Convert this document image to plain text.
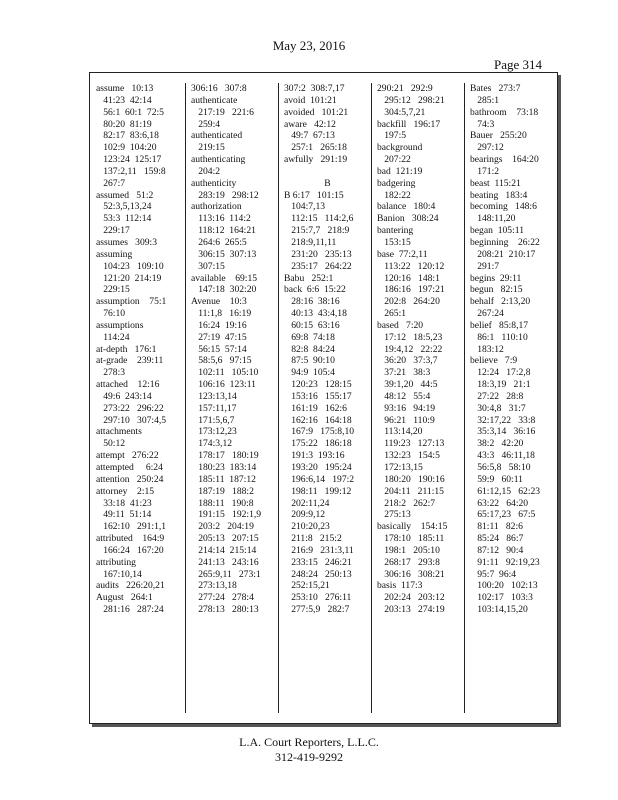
May 23, 2016
Page 314
assume   10:13
41:23  42:14
56:1  60:1  72:5
80:20  81:19
82:17  83:6,18
102:9  104:20
123:24  125:17
137:2,11   159:8
267:7
assumed   51:2
52:3,5,13,24
53:3  112:14
229:17
assumes   309:3
assuming
104:23   109:10
121:20  214:19
229:15
assumption    75:1
76:10
assumptions
114:24
at-depth   176:1
at-grade    239:11
278:3
attached    12:16
49:6  243:14
273:22   296:22
297:10   307:4,5
attachments
50:12
attempt   276:22
attempted     6:24
attention   250:24
attorney    2:15
33:18  41:23
49:11  51:14
162:10   291:1,1
attributed    164:9
166:24   167:20
attributing
167:10,14
audits   226:20,21
August   264:1
281:16   287:24
306:16   307:8
authenticate
217:19   221:6
259:4
authenticated
219:15
authenticating
204:2
authenticity
283:19   298:12
authorization
113:16  114:2
118:12  164:21
264:6  265:5
306:15  307:13
307:15
available    69:15
147:18  302:20
Avenue    10:3
11:1,8   16:19
16:24  19:16
27:19  47:15
56:15  57:14
58:5,6   97:15
102:11   105:10
106:16  123:11
123:13,14
157:11,17
171:5,6,7
173:12,23
174:3,12
178:17   180:19
180:23  183:14
185:11  187:12
187:19   188:2
188:11   190:8
191:15   192:1,9
203:2   204:19
205:13   207:15
214:14  215:14
241:13   243:16
265:9,11   273:1
273:13,18
277:24   278:4
278:13   280:13
307:2  308:7,17
avoid  101:21
avoided   101:21
aware   42:12
49:7  67:13
257:1   265:18
awfully   291:19
B
B 6:17   101:15
104:7,13
112:15   114:2,6
215:7,7   218:9
218:9,11,11
231:20   235:13
235:17   264:22
Babu   252:1
back  6:6  15:22
28:16  38:16
40:13  43:4,18
60:15  63:16
69:8  74:18
82:8  84:24
87:5  90:10
94:9  105:4
120:23   128:15
153:16   155:17
161:19   162:6
162:16   164:18
167:9   175:8,10
175:22   186:18
191:3  193:16
193:20   195:24
196:6,14   197:2
198:11   199:12
202:11,24
209:9,12
210:20,23
211:8   215:2
216:9   231:3,11
233:15   246:21
248:24   250:13
252:15,21
253:10   276:11
277:5,9   282:7
290:21   292:9
295:12   298:21
304:5,7,21
backfill   196:17
197:5
background
207:22
bad  121:19
badgering
182:22
balance   180:4
Banion   308:24
bantering
153:15
base  77:2,11
113:22   120:12
120:16   148:1
186:16   197:21
202:8   264:20
265:1
based   7:20
17:12   18:5,23
19:4,12   22:22
36:20   37:3,7
37:21   38:3
39:1,20   44:5
48:12   55:4
93:16   94:19
96:21   110:9
113:14,20
119:23   127:13
132:23   154:5
172:13,15
180:20   190:16
204:11   211:15
218:2   262:7
275:13
basically    154:15
178:10   185:11
198:1   205:10
268:17   293:8
306:16   308:21
basis  117:3
202:24   203:12
203:13   274:19
Bates   273:7
285:1
bathroom    73:18
74:3
Bauer   255:20
297:12
bearings    164:20
171:2
beast  115:21
beating   183:4
becoming   148:6
148:11,20
began  105:11
beginning    26:22
208:21  210:17
291:7
begins  29:11
begun   82:15
behalf   2:13,20
267:24
belief   85:8,17
86:1   110:10
183:12
believe   7:9
12:24   17:2,8
18:3,19   21:1
27:22   28:8
30:4,8   31:7
32:17,22   33:8
35:3,14   36:16
38:2   42:20
43:3   46:11,18
56:5,8   58:10
59:9   60:11
61:12,15   62:23
63:22   64:20
65:17,23   67:5
81:11   82:6
85:24   86:7
87:12   90:4
91:11   92:19,23
95:7  96:4
100:20   102:13
102:17   103:3
103:14,15,20
L.A. Court Reporters, L.L.C.
312-419-9292
